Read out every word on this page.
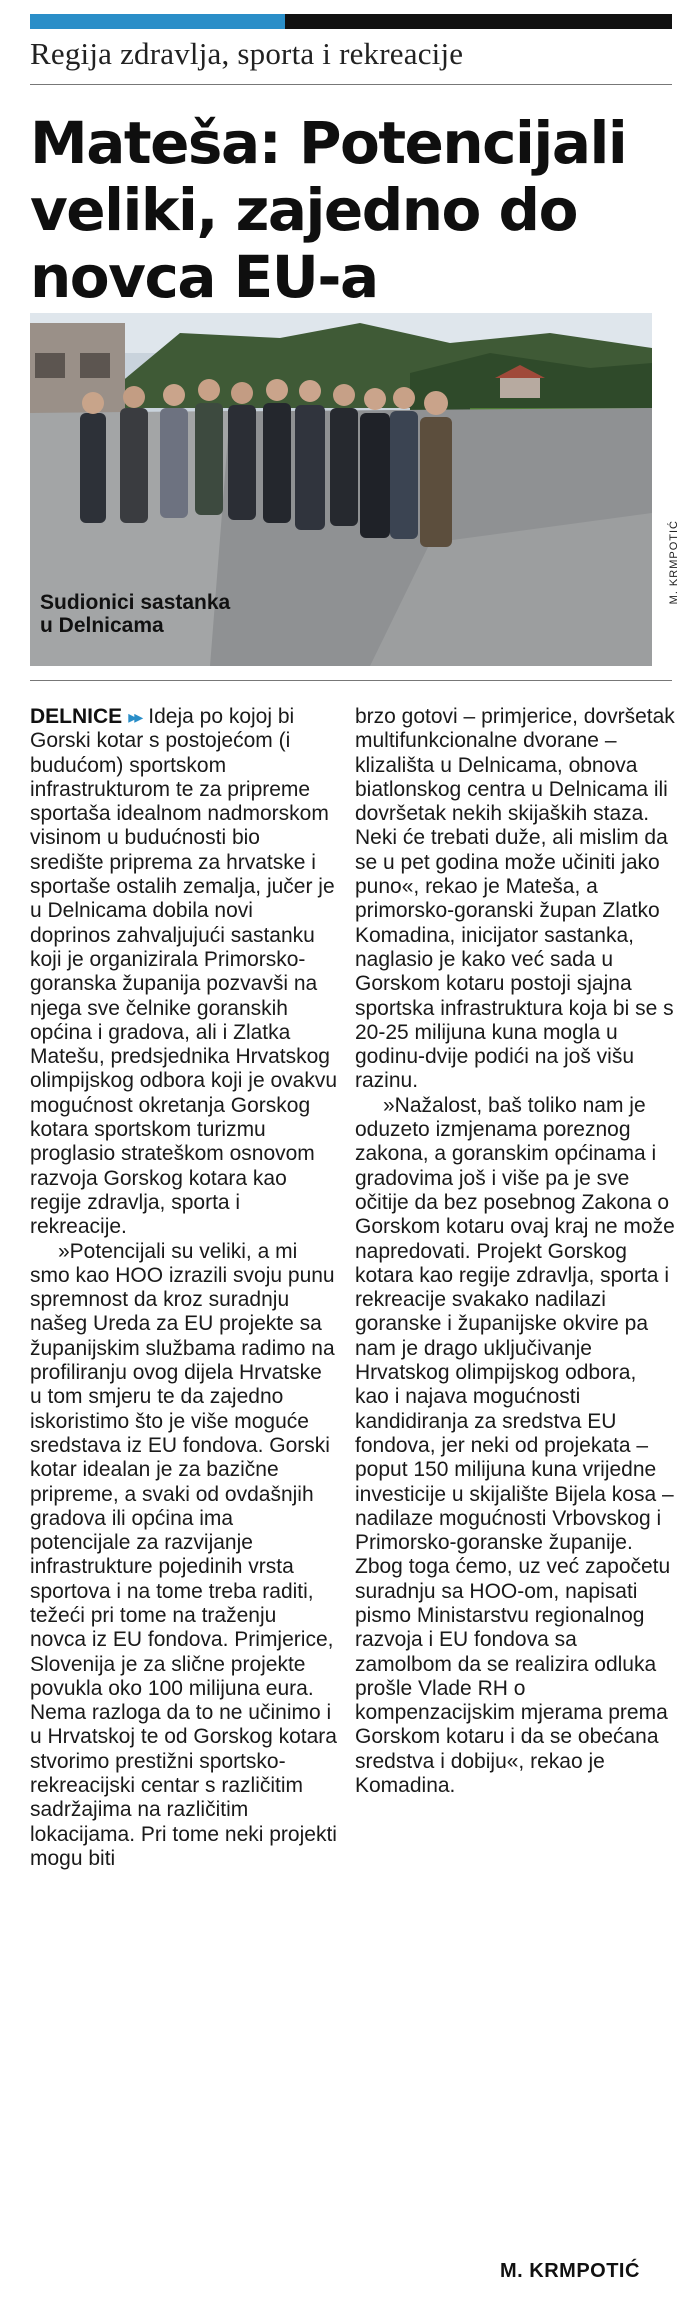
Regija zdravlja, sporta i rekreacije
Mateša: Potencijali veliki, zajedno do novca EU-a
Sudionici sastanka
u Delnicama
M. KRMPOTIĆ

DELNICE ▸▸ Ideja po kojoj bi Gorski kotar s postojećom (i budućom) sportskom infrastrukturom te za pripreme sportaša idealnom nadmorskom visinom u budućnosti bio središte priprema za hrvatske i sportaše ostalih zemalja, jučer je u Delnicama dobila novi doprinos zahvaljujući sastanku koji je organizirala Primorsko-goranska županija pozvavši na njega sve čelnike goranskih općina i gradova, ali i Zlatka Matešu, predsjednika Hrvatskog olimpijskog odbora koji je ovakvu mogućnost okretanja Gorskog kotara sportskom turizmu proglasio strateškom osnovom razvoja Gorskog kotara kao regije zdravlja, sporta i rekreacije.

»Potencijali su veliki, a mi smo kao HOO izrazili svoju punu spremnost da kroz suradnju našeg Ureda za EU projekte sa županijskim službama radimo na profiliranju ovog dijela Hrvatske u tom smjeru te da zajedno iskoristimo što je više moguće sredstava iz EU fondova. Gorski kotar idealan je za bazične pripreme, a svaki od ovdašnjih gradova ili općina ima potencijale za razvijanje infrastrukture pojedinih vrsta sportova i na tome treba raditi, težeći pri tome na traženju novca iz EU fondova. Primjerice, Slovenija je za slične projekte povukla oko 100 milijuna eura. Nema razloga da to ne učinimo i u Hrvatskoj te od Gorskog kotara stvorimo prestižni sportsko-rekreacijski centar s različitim sadržajima na različitim lokacijama. Pri tome neki projekti mogu biti

brzo gotovi – primjerice, dovršetak multifunkcionalne dvorane – klizališta u Delnicama, obnova biatlonskog centra u Delnicama ili dovršetak nekih skijaških staza. Neki će trebati duže, ali mislim da se u pet godina može učiniti jako puno«, rekao je Mateša, a primorsko-goranski župan Zlatko Komadina, inicijator sastanka, naglasio je kako već sada u Gorskom kotaru postoji sjajna sportska infrastruktura koja bi se s 20-25 milijuna kuna mogla u godinu-dvije podići na još višu razinu.

»Nažalost, baš toliko nam je oduzeto izmjenama poreznog zakona, a goranskim općinama i gradovima još i više pa je sve očitije da bez posebnog Zakona o Gorskom kotaru ovaj kraj ne može napredovati. Projekt Gorskog kotara kao regije zdravlja, sporta i rekreacije svakako nadilazi goranske i županijske okvire pa nam je drago uključivanje Hrvatskog olimpijskog odbora, kao i najava mogućnosti kandidiranja za sredstva EU fondova, jer neki od projekata – poput 150 milijuna kuna vrijedne investicije u skijalište Bijela kosa – nadilaze mogućnosti Vrbovskog i Primorsko-goranske županije. Zbog toga ćemo, uz već započetu suradnju sa HOO-om, napisati pismo Ministarstvu regionalnog razvoja i EU fondova sa zamolbom da se realizira odluka prošle Vlade RH o kompenzacijskim mjerama prema Gorskom kotaru i da se obećana sredstva i dobiju«, rekao je Komadina.

M. KRMPOTIĆ
